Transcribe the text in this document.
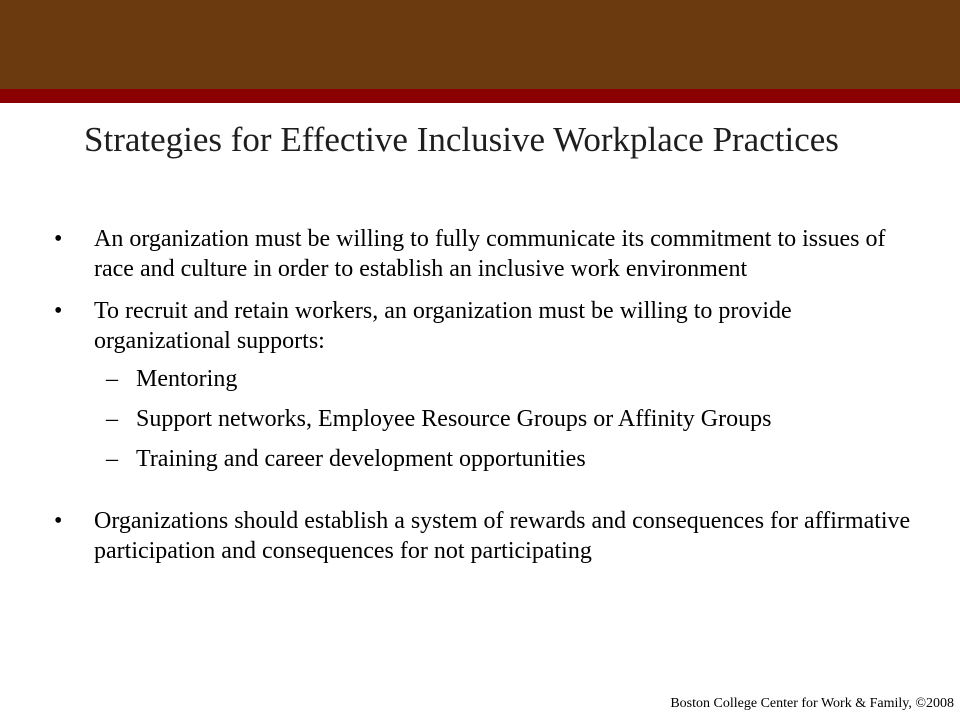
Strategies for Effective Inclusive Workplace Practices
• An organization must be willing to fully communicate its commitment to issues of race and culture in order to establish an inclusive work environment
• To recruit and retain workers, an organization must be willing to provide organizational supports:
– Mentoring
– Support networks, Employee Resource Groups or Affinity Groups
– Training and career development opportunities
• Organizations should establish a system of rewards and consequences for affirmative participation and consequences for not participating
Boston College Center for Work & Family, ©2008
